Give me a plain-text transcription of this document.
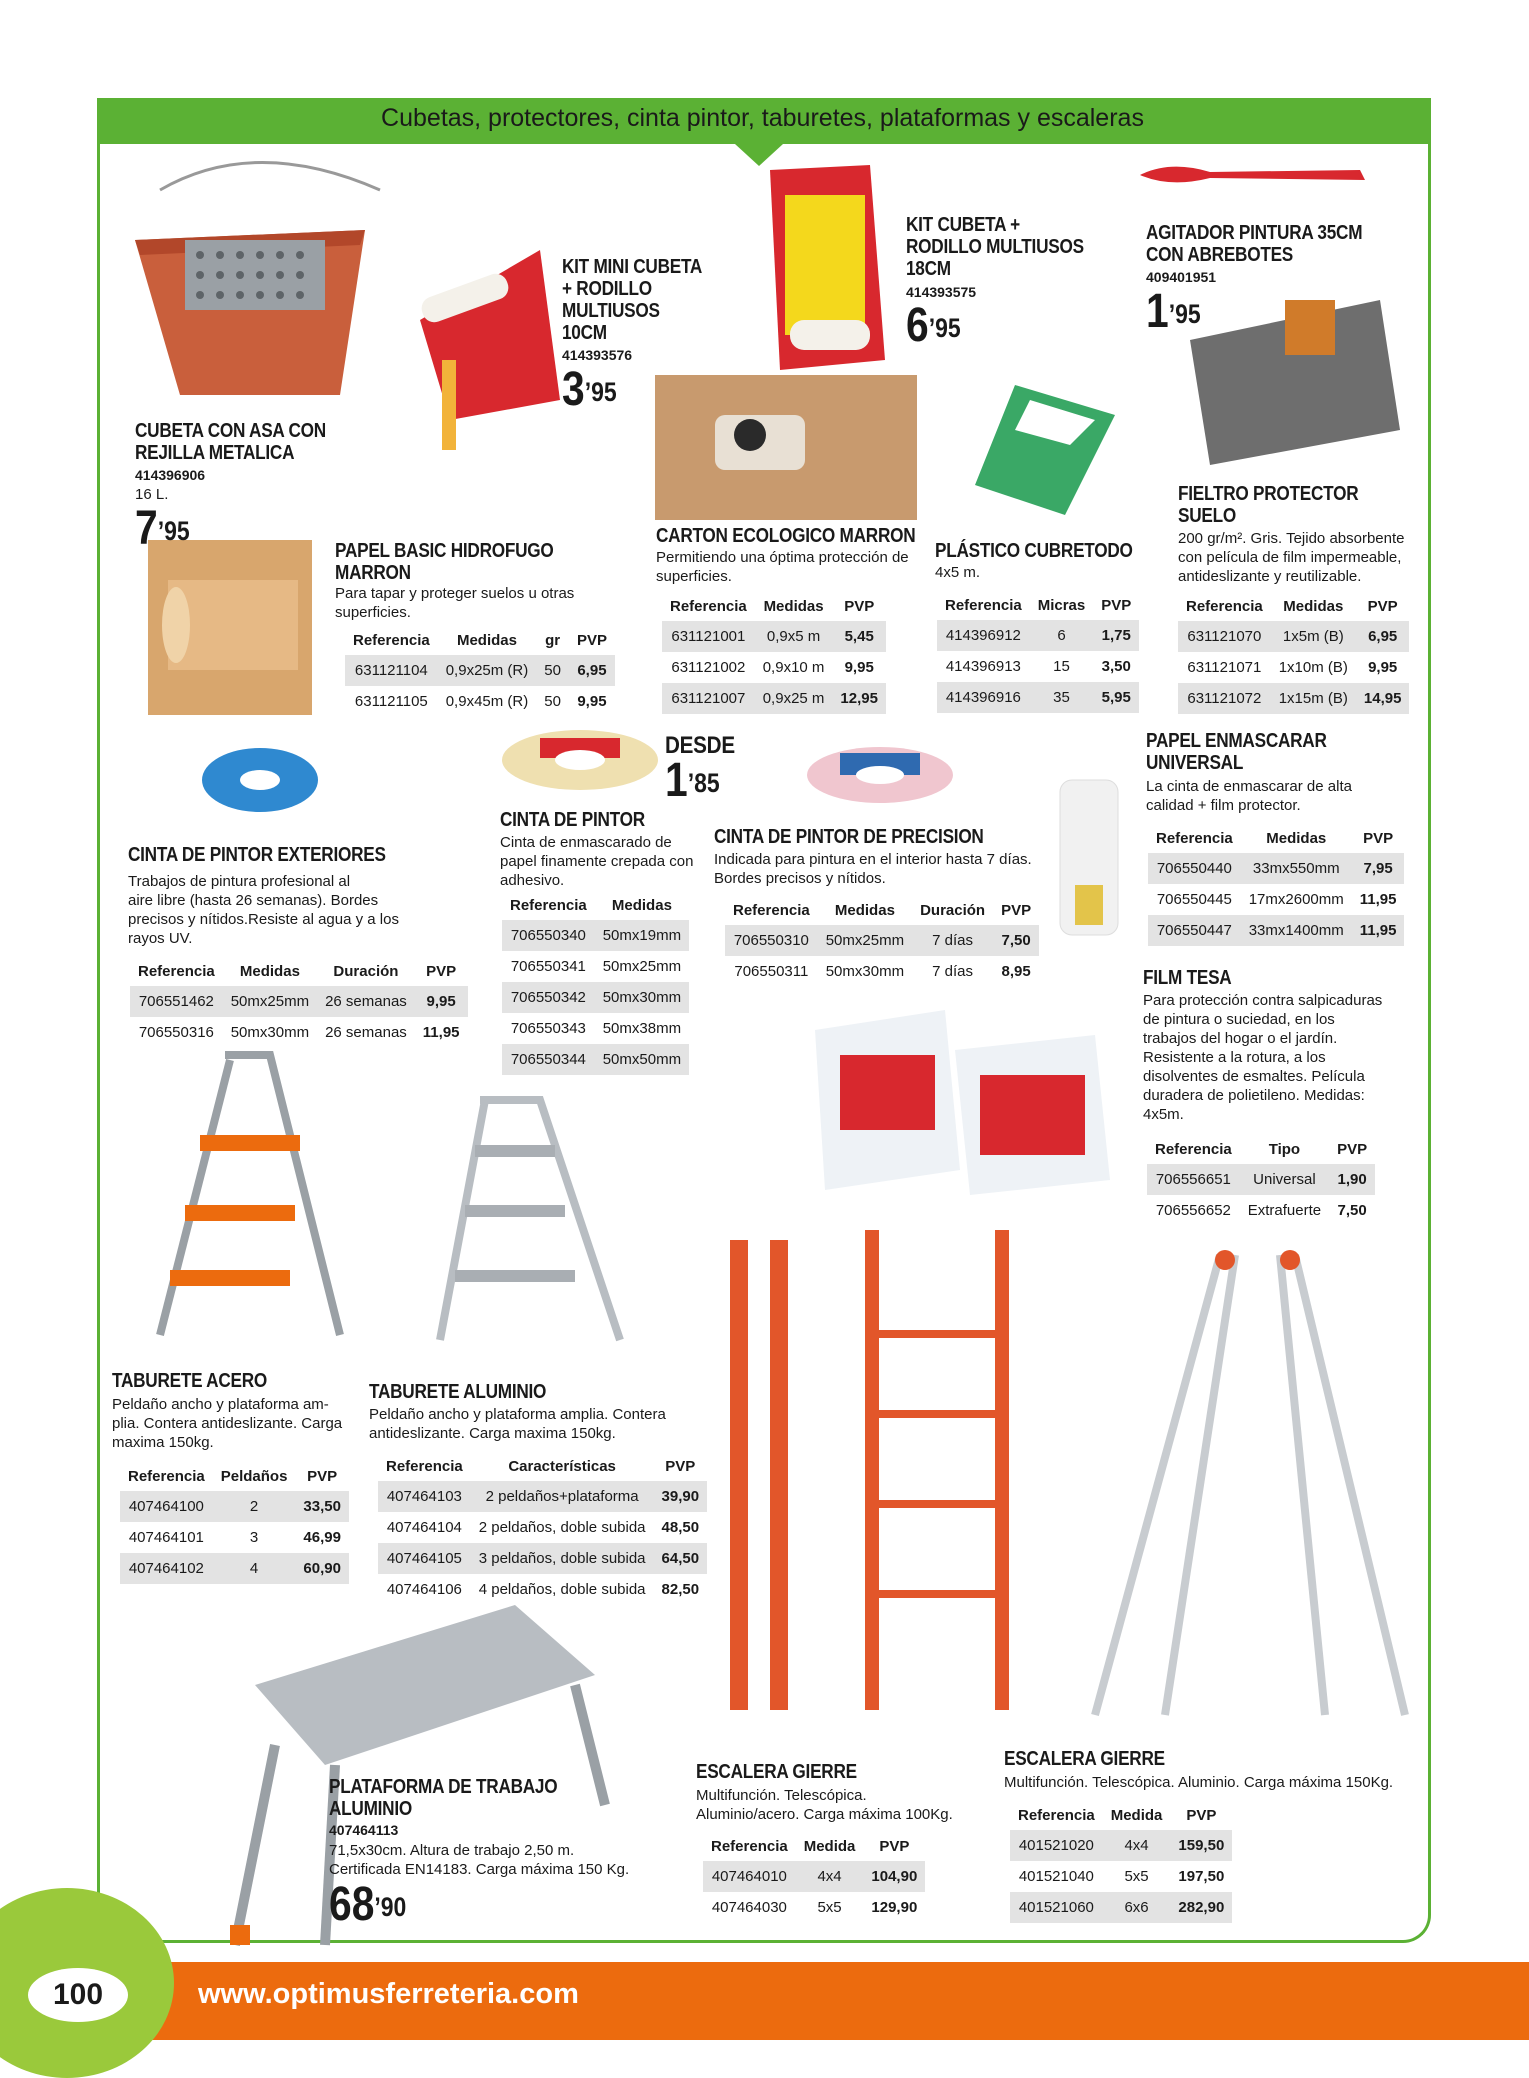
Cubetas, protectores, cinta pintor, taburetes, plataformas y escaleras
CUBETA CON ASA CON
REJILLA METALICA
414396906
16 L.
$7^{’95}$
KIT MINI CUBETA
+ RODILLO
MULTIUSOS
10CM
414393576
$3^{’95}$
KIT CUBETA +
RODILLO MULTIUSOS
18CM
414393575
$6^{’95}$
AGITADOR PINTURA 35CM
CON ABREBOTES
409401951
$1^{’95}$
PAPEL BASIC HIDROFUGO
MARRON
Para tapar y proteger suelos u otras
superficies.
Referencia	Medidas	gr	PVP
631121104	0,9x25m (R)	50	6,95
631121105	0,9x45m (R)	50	9,95
CARTON ECOLOGICO MARRON
Permitiendo una óptima protección de
superficies.
Referencia	Medidas	PVP
631121001	0,9x5 m	5,45
631121002	0,9x10 m	9,95
631121007	0,9x25 m	12,95
PLÁSTICO CUBRETODO
4x5 m.
Referencia	Micras	PVP
414396912	6	1,75
414396913	15	3,50
414396916	35	5,95
FIELTRO PROTECTOR
SUELO
200 gr/m². Gris. Tejido absorbente
con película de film impermeable,
antideslizante y reutilizable.
Referencia	Medidas	PVP
631121070	1x5m (B)	6,95
631121071	1x10m (B)	9,95
631121072	1x15m (B)	14,95
CINTA DE PINTOR EXTERIORES
Trabajos de pintura profesional al
aire libre (hasta 26 semanas). Bordes
precisos y nítidos.Resiste al agua y a los
rayos UV.
Referencia	Medidas	Duración	PVP
706551462	50mx25mm	26 semanas	9,95
706550316	50mx30mm	26 semanas	11,95
DESDE
$1^{’85}$
CINTA DE PINTOR
Cinta de enmascarado de
papel finamente crepada con
adhesivo.
Referencia	Medidas
706550340	50mx19mm
706550341	50mx25mm
706550342	50mx30mm
706550343	50mx38mm
706550344	50mx50mm
CINTA DE PINTOR DE PRECISION
Indicada para pintura en el interior hasta 7 días.
Bordes precisos y nítidos.
Referencia	Medidas	Duración	PVP
706550310	50mx25mm	7 días	7,50
706550311	50mx30mm	7 días	8,95
PAPEL ENMASCARAR
UNIVERSAL
La cinta de enmascarar de alta
calidad + film protector.
Referencia	Medidas	PVP
706550440	33mx550mm	7,95
706550445	17mx2600mm	11,95
706550447	33mx1400mm	11,95
FILM TESA
Para protección contra salpicaduras
de pintura o suciedad, en los
trabajos del hogar o el jardín.
Resistente a la rotura, a los
disolventes de esmaltes. Película
duradera de polietileno. Medidas:
4x5m.
Referencia	Tipo	PVP
706556651	Universal	1,90
706556652	Extrafuerte	7,50
TABURETE ACERO
Peldaño ancho y plataforma am-
plia. Contera antideslizante. Carga
maxima 150kg.
Referencia	Peldaños	PVP
407464100	2	33,50
407464101	3	46,99
407464102	4	60,90
TABURETE ALUMINIO
Peldaño ancho y plataforma amplia. Contera
antideslizante. Carga maxima 150kg.
Referencia	Características	PVP
407464103	2 peldaños+plataforma	39,90
407464104	2 peldaños, doble subida	48,50
407464105	3 peldaños, doble subida	64,50
407464106	4 peldaños, doble subida	82,50
PLATAFORMA DE TRABAJO
ALUMINIO
407464113
71,5x30cm. Altura de trabajo 2,50 m.
Certificada EN14183. Carga máxima 150 Kg.
$68^{’90}$
ESCALERA GIERRE
Multifunción. Telescópica.
Aluminio/acero. Carga máxima 100Kg.
Referencia	Medida	PVP
407464010	4x4	104,90
407464030	5x5	129,90
ESCALERA GIERRE
Multifunción. Telescópica. Aluminio. Carga máxima 150Kg.
Referencia	Medida	PVP
401521020	4x4	159,50
401521040	5x5	197,50
401521060	6x6	282,90
100	www.optimusferreteria.com
